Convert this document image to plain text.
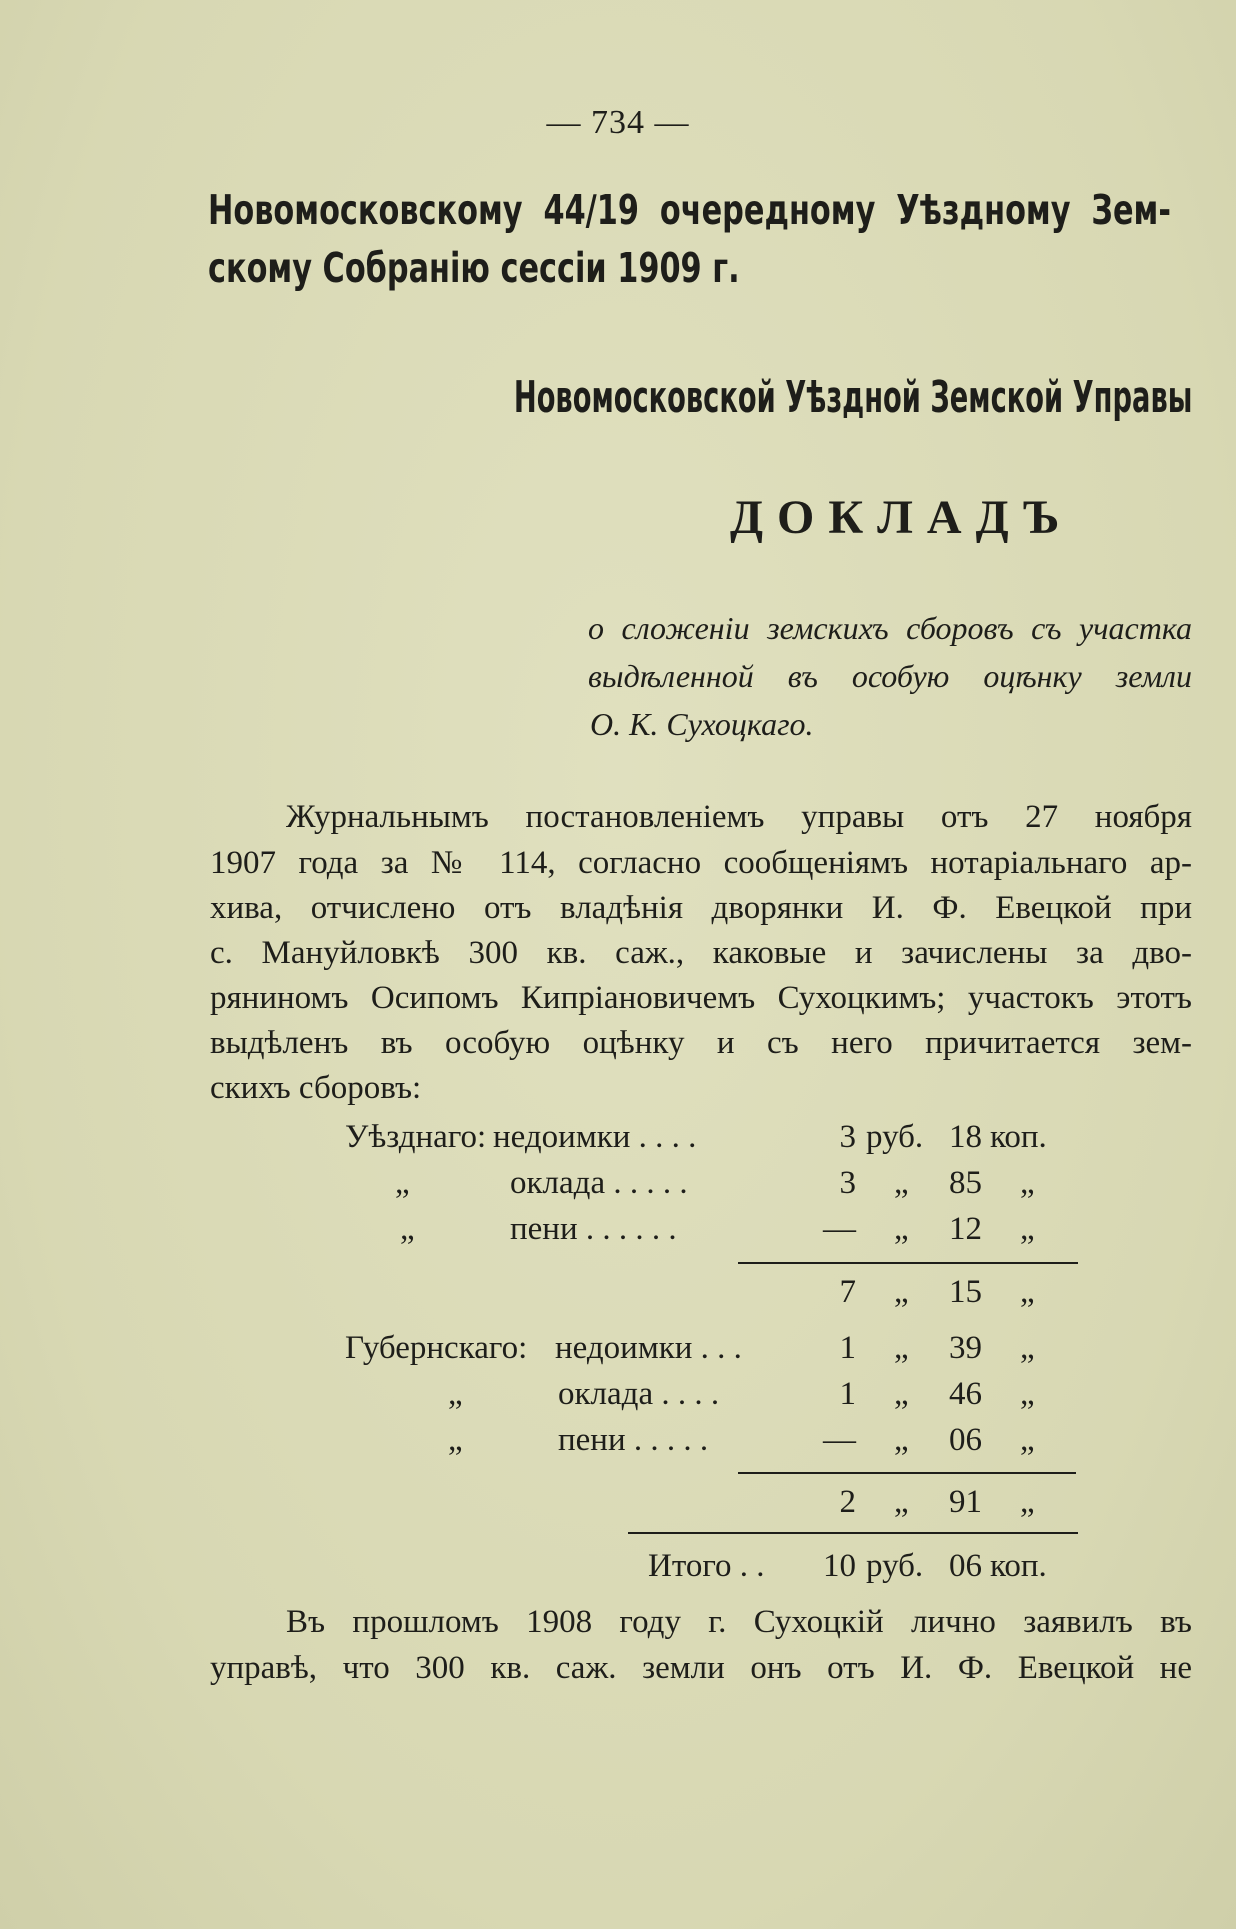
— 734 —
Новомосковскому 44/19 очередному Уѣздному Зем-
скому Собранію сессіи 1909 г.
Новомосковской Уѣздной Земской Управы
ДОКЛАДЪ
о сложеніи земскихъ сборовъ съ участка
выдѣленной въ особую оцѣнку земли
О. К. Сухоцкаго.
Журнальнымъ постановленіемъ управы отъ 27 ноября
1907 года за № 114, согласно сообщеніямъ нотаріальнаго ар-
хива, отчислено отъ владѣнія дворянки И. Ф. Евецкой при
с. Мануйловкѣ 300 кв. саж., каковые и зачислены за дво-
ряниномъ Осипомъ Кипріановичемъ Сухоцкимъ; участокъ этотъ
выдѣленъ въ особую оцѣнку и съ него причитается зем-
скихъ сборовъ:
Уѣзднаго: недоимки . . . .	3 руб. 18 коп.
„	оклада . . . . .	3 „	85 „
„	пени . . . . . .	— „	12 „
7 „	15 „
Губернскаго: недоимки . . .	1 „	39 „
„	оклада . . . .	1 „	46 „
„	пени . . . . .	— „	06 „
2 „	91 „
Итого . .	10 руб. 06 коп.
Въ прошломъ 1908 году г. Сухоцкій лично заявилъ въ
управѣ, что 300 кв. саж. земли онъ отъ И. Ф. Евецкой не
